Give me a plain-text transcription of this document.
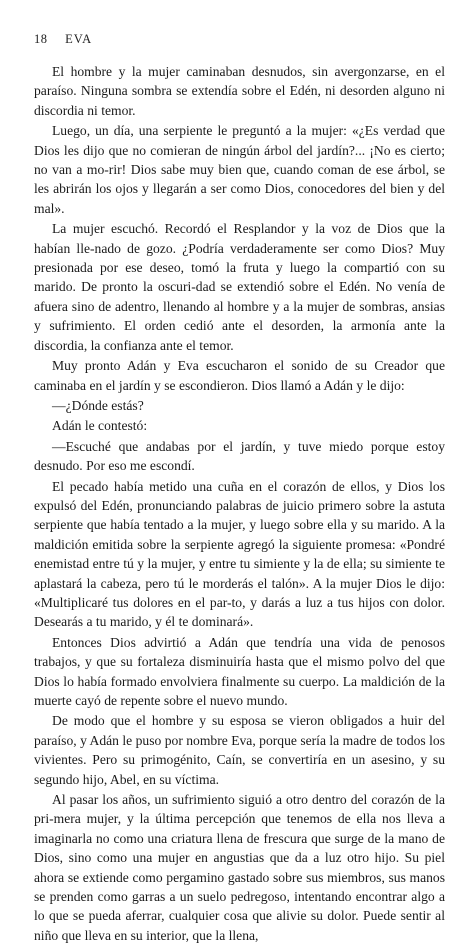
18 EVA

El hombre y la mujer caminaban desnudos, sin avergonzarse, en el paraíso. Ninguna sombra se extendía sobre el Edén, ni desorden alguno ni discordia ni temor.

Luego, un día, una serpiente le preguntó a la mujer: «¿Es verdad que Dios les dijo que no comieran de ningún árbol del jardín?... ¡No es cierto; no van a mo-rir! Dios sabe muy bien que, cuando coman de ese árbol, se les abrirán los ojos y llegarán a ser como Dios, conocedores del bien y del mal».

La mujer escuchó. Recordó el Resplandor y la voz de Dios que la habían lle-nado de gozo. ¿Podría verdaderamente ser como Dios? Muy presionada por ese deseo, tomó la fruta y luego la compartió con su marido. De pronto la oscuri-dad se extendió sobre el Edén. No venía de afuera sino de adentro, llenando al hombre y a la mujer de sombras, ansias y sufrimiento. El orden cedió ante el desorden, la armonía ante la discordia, la confianza ante el temor.

Muy pronto Adán y Eva escucharon el sonido de su Creador que caminaba en el jardín y se escondieron. Dios llamó a Adán y le dijo:

—¿Dónde estás?

Adán le contestó:

—Escuché que andabas por el jardín, y tuve miedo porque estoy desnudo. Por eso me escondí.

El pecado había metido una cuña en el corazón de ellos, y Dios los expulsó del Edén, pronunciando palabras de juicio primero sobre la astuta serpiente que había tentado a la mujer, y luego sobre ella y su marido. A la maldición emitida sobre la serpiente agregó la siguiente promesa: «Pondré enemistad entre tú y la mujer, y entre tu simiente y la de ella; su simiente te aplastará la cabeza, pero tú le morderás el talón». A la mujer Dios le dijo: «Multiplicaré tus dolores en el par-to, y darás a luz a tus hijos con dolor. Desearás a tu marido, y él te dominará».

Entonces Dios advirtió a Adán que tendría una vida de penosos trabajos, y que su fortaleza disminuiría hasta que el mismo polvo del que Dios lo había formado envolviera finalmente su cuerpo. La maldición de la muerte cayó de repente sobre el nuevo mundo.

De modo que el hombre y su esposa se vieron obligados a huir del paraíso, y Adán le puso por nombre Eva, porque sería la madre de todos los vivientes. Pero su primogénito, Caín, se convertiría en un asesino, y su segundo hijo, Abel, en su víctima.

Al pasar los años, un sufrimiento siguió a otro dentro del corazón de la pri-mera mujer, y la última percepción que tenemos de ella nos lleva a imaginarla no como una criatura llena de frescura que surge de la mano de Dios, sino como una mujer en angustias que da a luz otro hijo. Su piel ahora se extiende como pergamino gastado sobre sus miembros, sus manos se prenden como garras a un suelo pedregoso, intentando encontrar algo a lo que se pueda aferrar, cualquier cosa que alivie su dolor. Puede sentir al niño que lleva en su interior, que la llena,
